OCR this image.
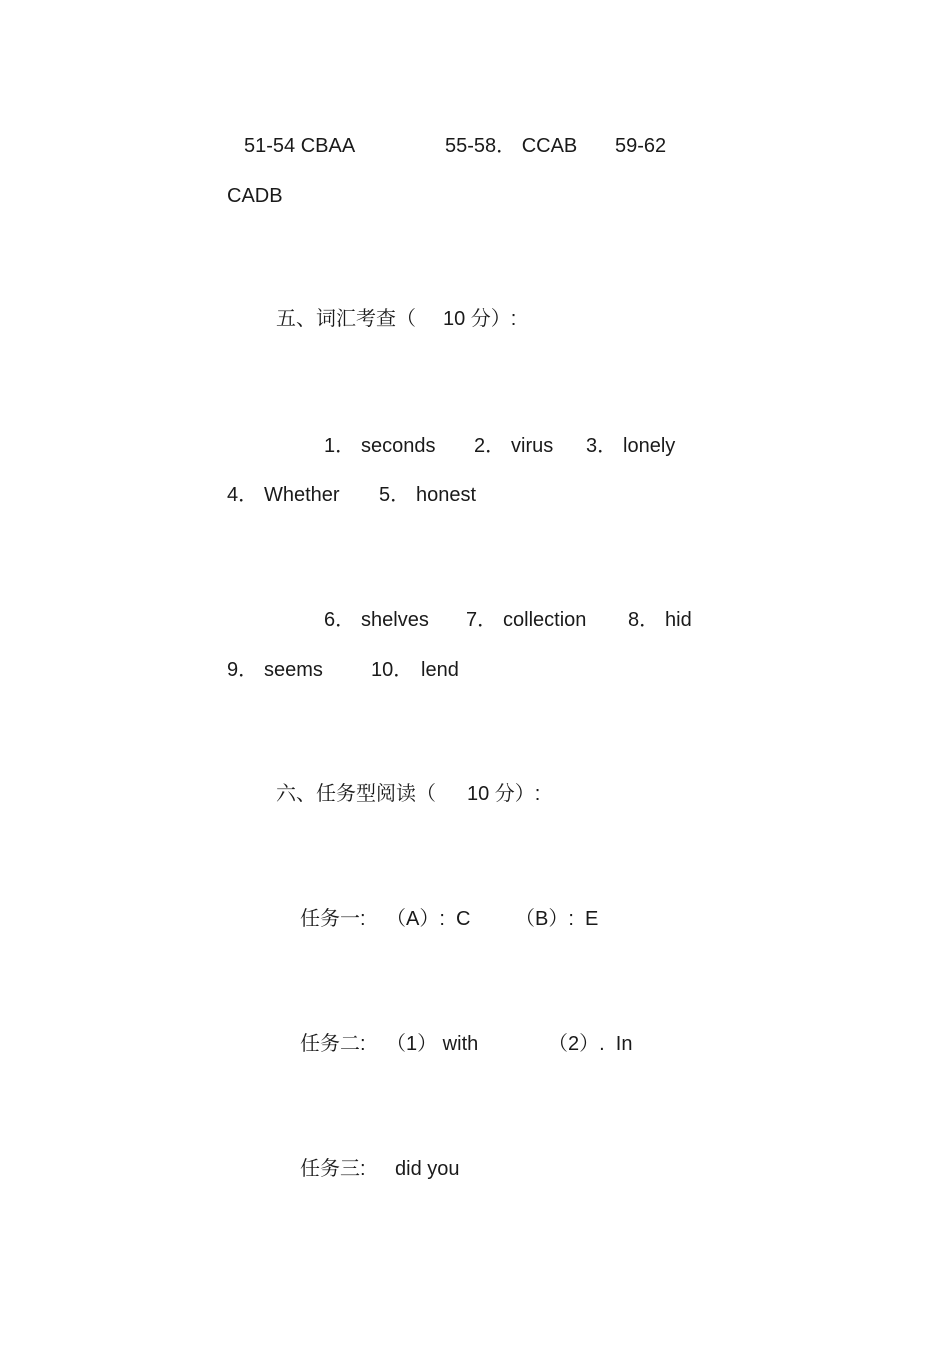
51-54 CBAA	55-58． CCAB 59-62
CADB
五、词汇考查（ 10 分）:
1． seconds 2． virus 3． lonely
4． Whether 5． honest
6． shelves 7． collection 8． hid
9． seems 10． lend
六、任务型阅读（ 10 分）:
任务一: （A）:  C （B）:  E
任务二: （1） with	（2）.  In
任务三: did you
